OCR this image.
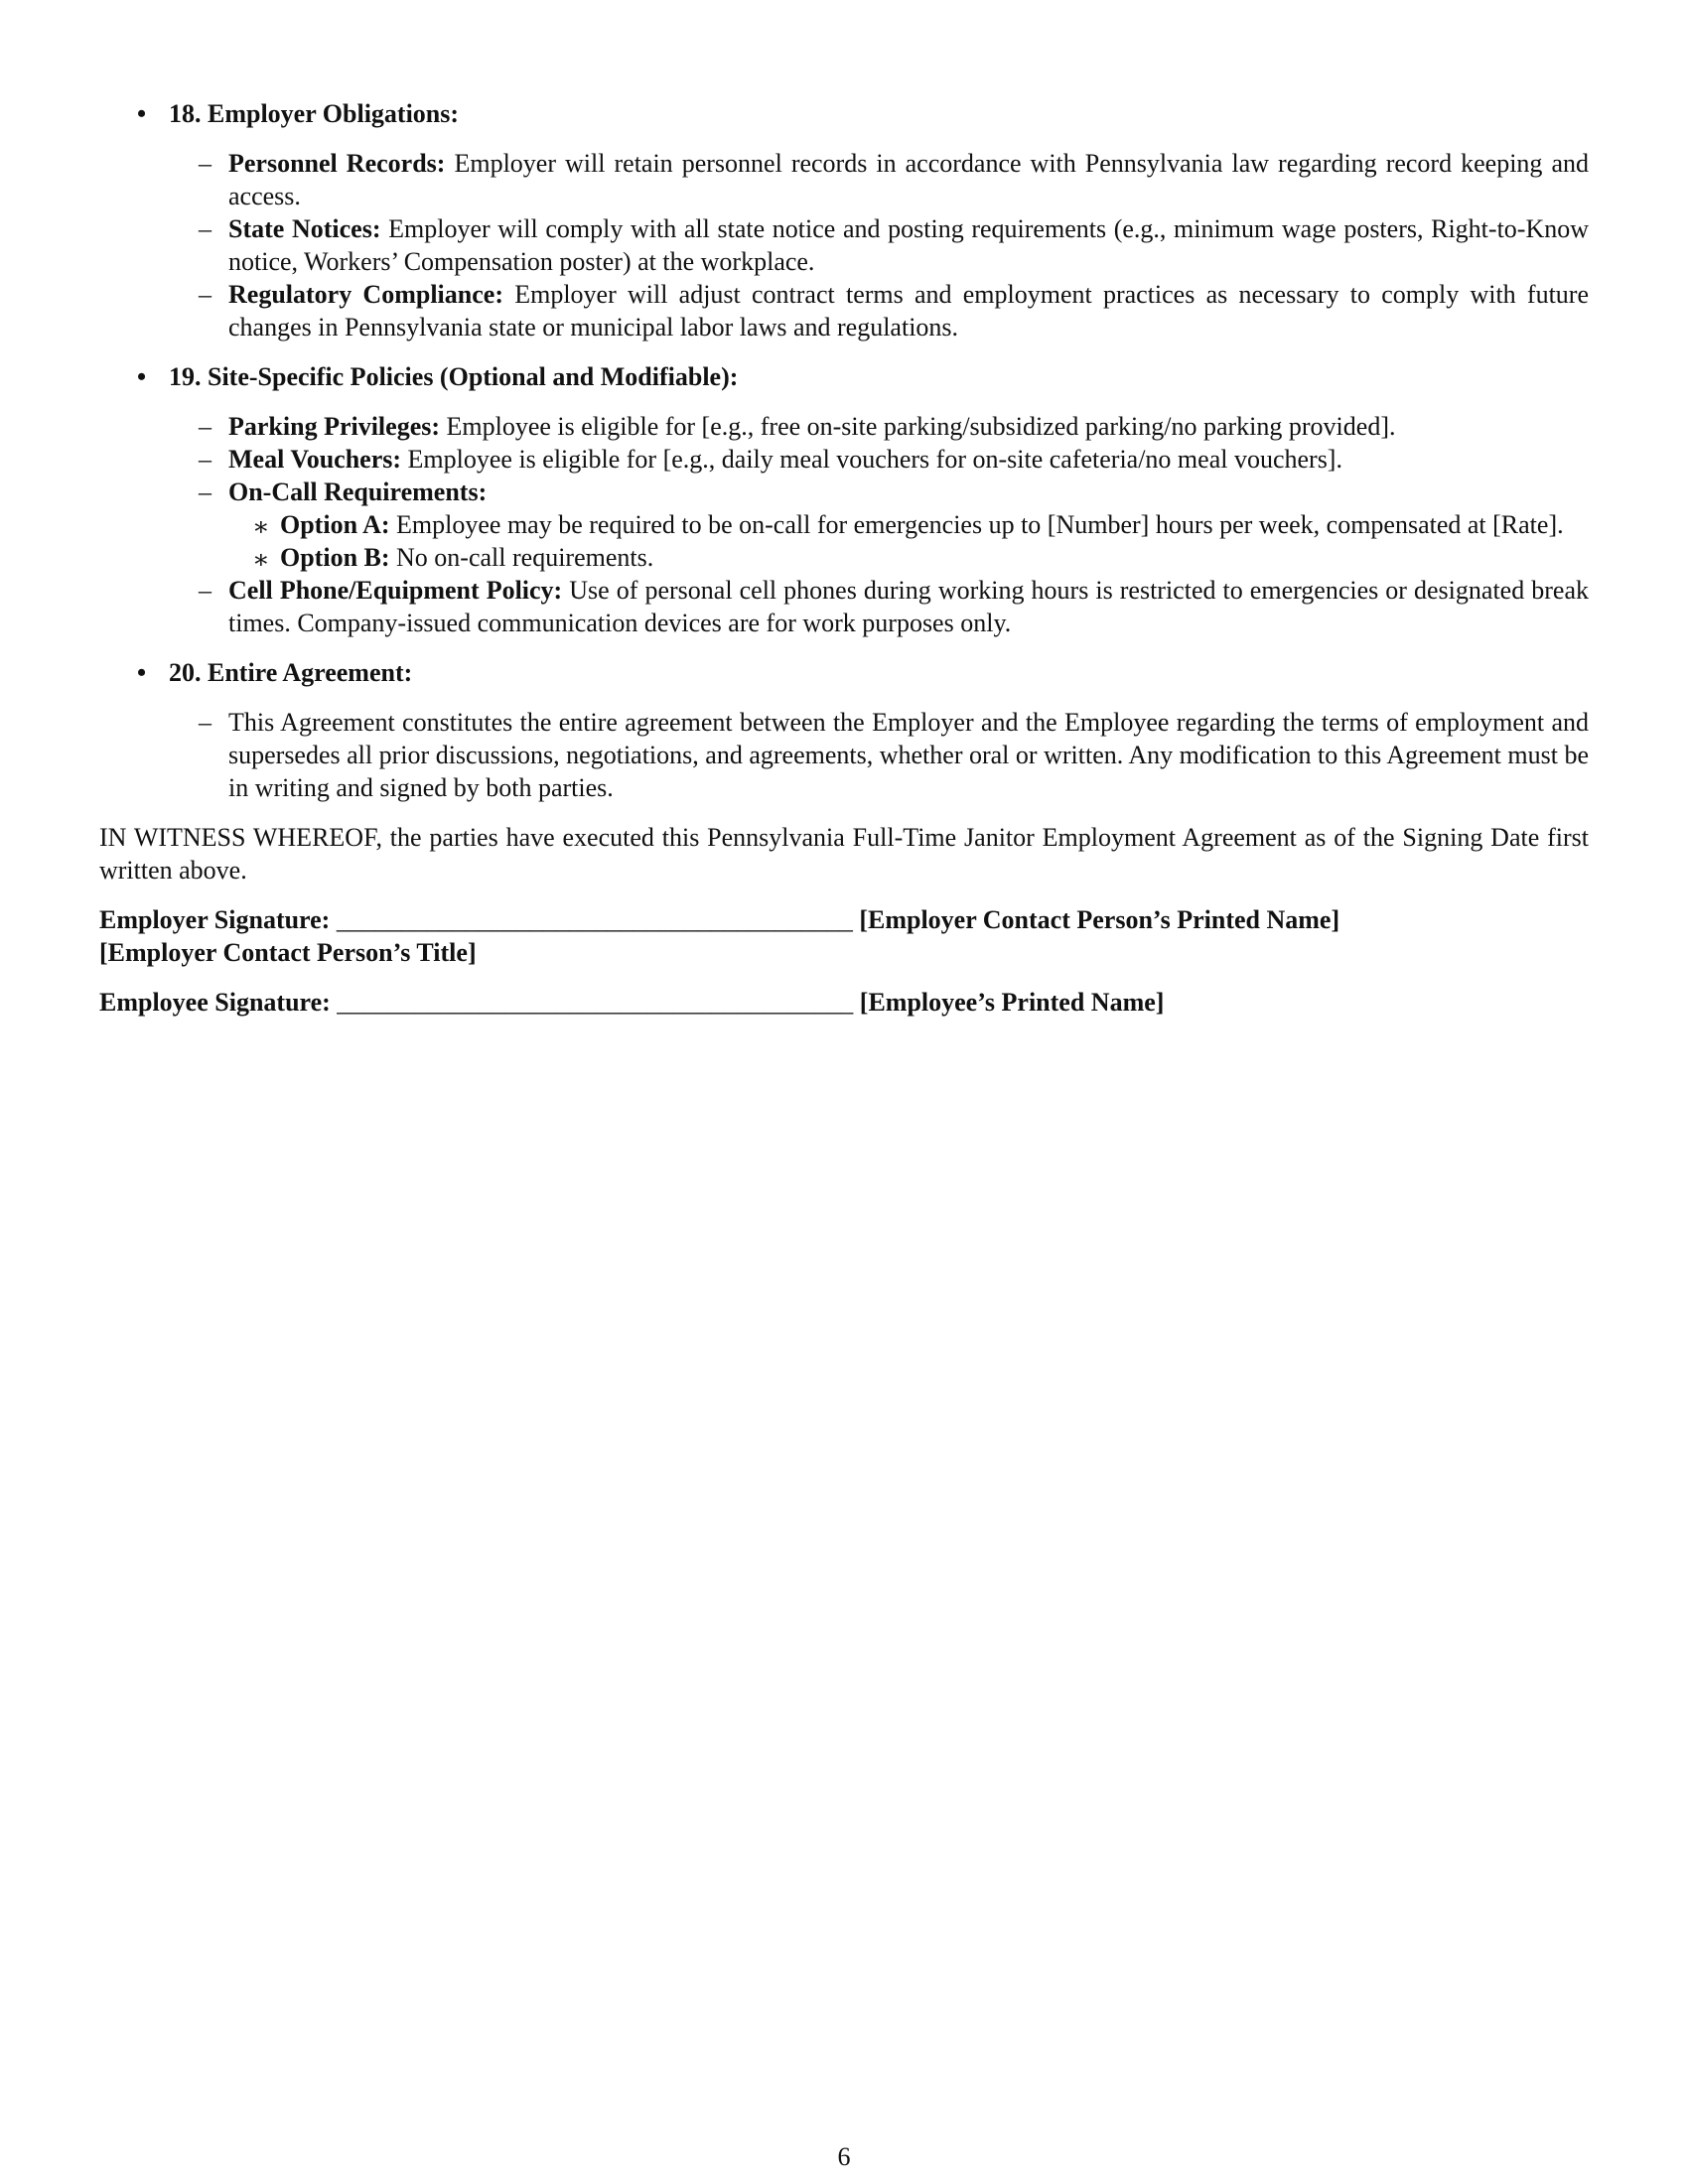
• 18. Employer Obligations:
– Personnel Records: Employer will retain personnel records in accordance with Pennsylvania law regarding record keeping and access.
– State Notices: Employer will comply with all state notice and posting requirements (e.g., minimum wage posters, Right-to-Know notice, Workers’ Compensation poster) at the workplace.
– Regulatory Compliance: Employer will adjust contract terms and employment practices as necessary to comply with future changes in Pennsylvania state or municipal labor laws and regulations.
• 19. Site-Specific Policies (Optional and Modifiable):
– Parking Privileges: Employee is eligible for [e.g., free on-site parking/subsidized parking/no parking provided].
– Meal Vouchers: Employee is eligible for [e.g., daily meal vouchers for on-site cafeteria/no meal vouchers].
– On-Call Requirements:
∗ Option A: Employee may be required to be on-call for emergencies up to [Number] hours per week, compensated at [Rate].
∗ Option B: No on-call requirements.
– Cell Phone/Equipment Policy: Use of personal cell phones during working hours is restricted to emergencies or designated break times. Company-issued communication devices are for work purposes only.
• 20. Entire Agreement:
– This Agreement constitutes the entire agreement between the Employer and the Employee regarding the terms of employment and supersedes all prior discussions, negotiations, and agreements, whether oral or written. Any modification to this Agreement must be in writing and signed by both parties.
IN WITNESS WHEREOF, the parties have executed this Pennsylvania Full-Time Janitor Employment Agreement as of the Signing Date first written above.
Employer Signature: ________________________________________ [Employer Contact Person’s Printed Name]
[Employer Contact Person’s Title]
Employee Signature: ________________________________________ [Employee’s Printed Name]
6
